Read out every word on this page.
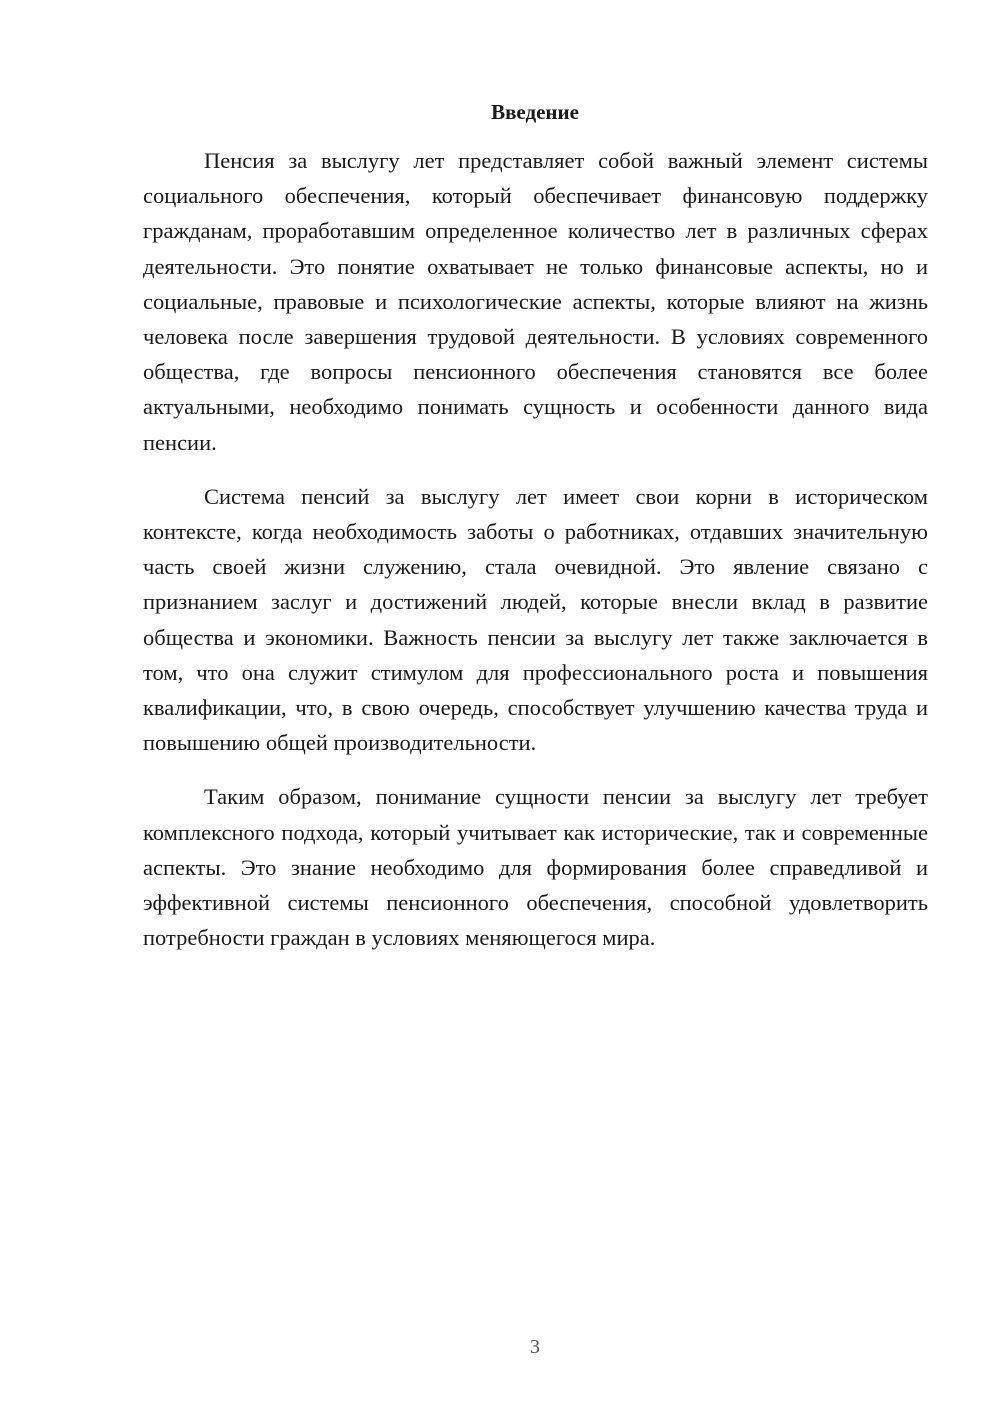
Введение

Пенсия за выслугу лет представляет собой важный элемент системы социального обеспечения, который обеспечивает финансовую поддержку гражданам, проработавшим определенное количество лет в различных сферах деятельности. Это понятие охватывает не только финансовые аспекты, но и социальные, правовые и психологические аспекты, которые влияют на жизнь человека после завершения трудовой деятельности. В условиях современного общества, где вопросы пенсионного обеспечения становятся все более актуальными, необходимо понимать сущность и особенности данного вида пенсии.

Система пенсий за выслугу лет имеет свои корни в историческом контексте, когда необходимость заботы о работниках, отдавших значительную часть своей жизни служению, стала очевидной. Это явление связано с признанием заслуг и достижений людей, которые внесли вклад в развитие общества и экономики. Важность пенсии за выслугу лет также заключается в том, что она служит стимулом для профессионального роста и повышения квалификации, что, в свою очередь, способствует улучшению качества труда и повышению общей производительности.

Таким образом, понимание сущности пенсии за выслугу лет требует комплексного подхода, который учитывает как исторические, так и современные аспекты. Это знание необходимо для формирования более справедливой и эффективной системы пенсионного обеспечения, способной удовлетворить потребности граждан в условиях меняющегося мира.

3
